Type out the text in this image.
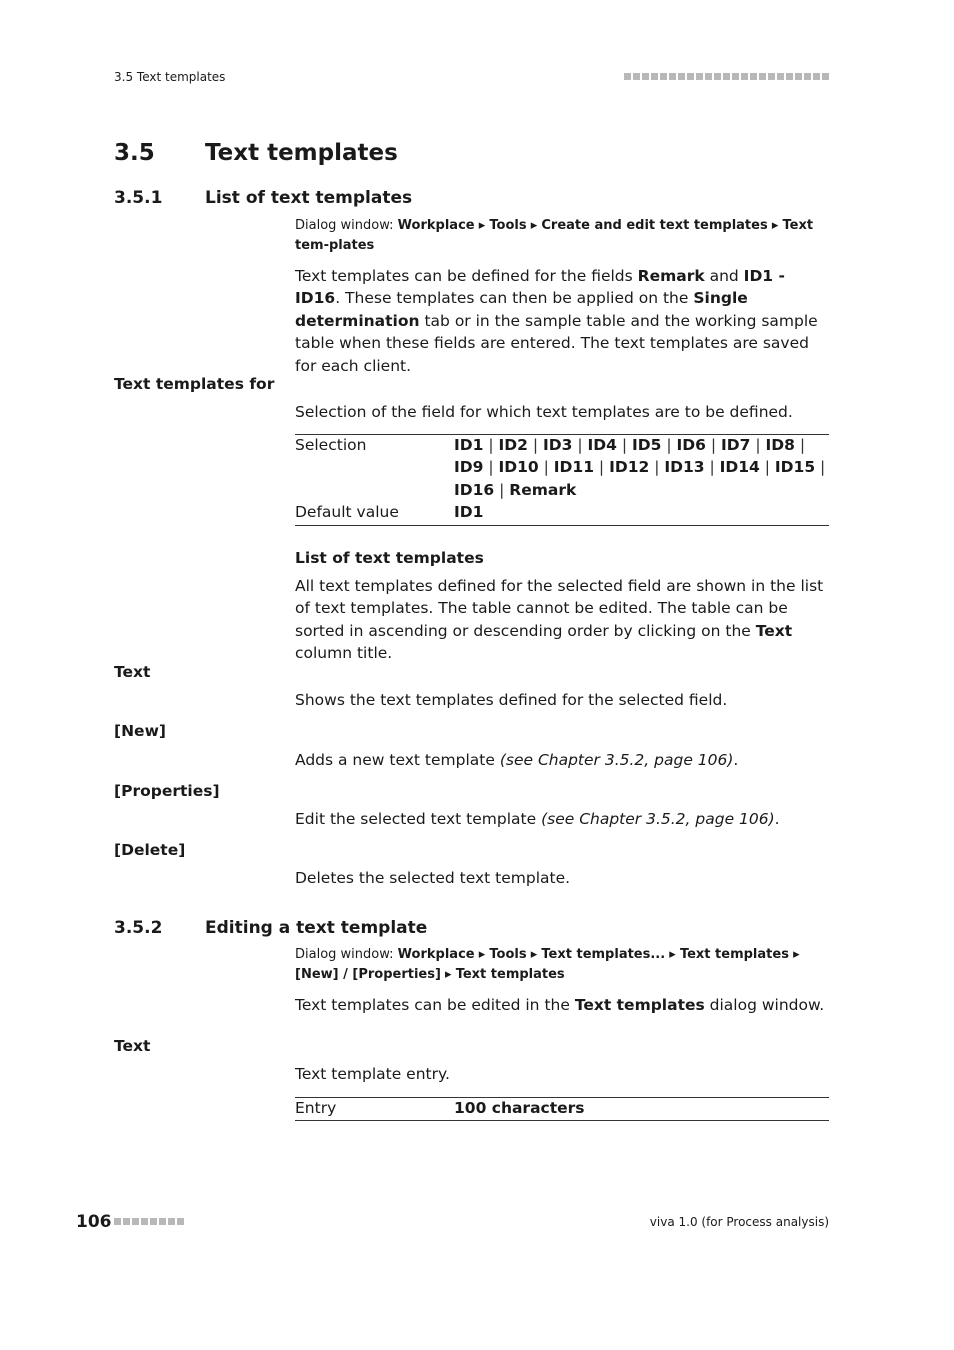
3.5 Text templates
3.5 Text templates
3.5.1	List of text templates
Dialog window: Workplace ▸ Tools ▸ Create and edit text templates ▸ Text tem-plates
Text templates can be defined for the fields Remark and ID1 - ID16. These templates can then be applied on the Single determination tab or in the sample table and the working sample table when these fields are entered. The text templates are saved for each client.
Text templates for
Selection of the field for which text templates are to be defined.
Selection	ID1 | ID2 | ID3 | ID4 | ID5 | ID6 | ID7 | ID8 | ID9 | ID10 | ID11 | ID12 | ID13 | ID14 | ID15 | ID16 | Remark
Default value	ID1
List of text templates
All text templates defined for the selected field are shown in the list of text templates. The table cannot be edited. The table can be sorted in ascending or descending order by clicking on the Text column title.
Text
Shows the text templates defined for the selected field.
[New]
Adds a new text template (see Chapter 3.5.2, page 106).
[Properties]
Edit the selected text template (see Chapter 3.5.2, page 106).
[Delete]
Deletes the selected text template.
3.5.2	Editing a text template
Dialog window: Workplace ▸ Tools ▸ Text templates... ▸ Text templates ▸ [New] / [Properties] ▸ Text templates
Text templates can be edited in the Text templates dialog window.
Text
Text template entry.
Entry	100 characters
106	viva 1.0 (for Process analysis)
